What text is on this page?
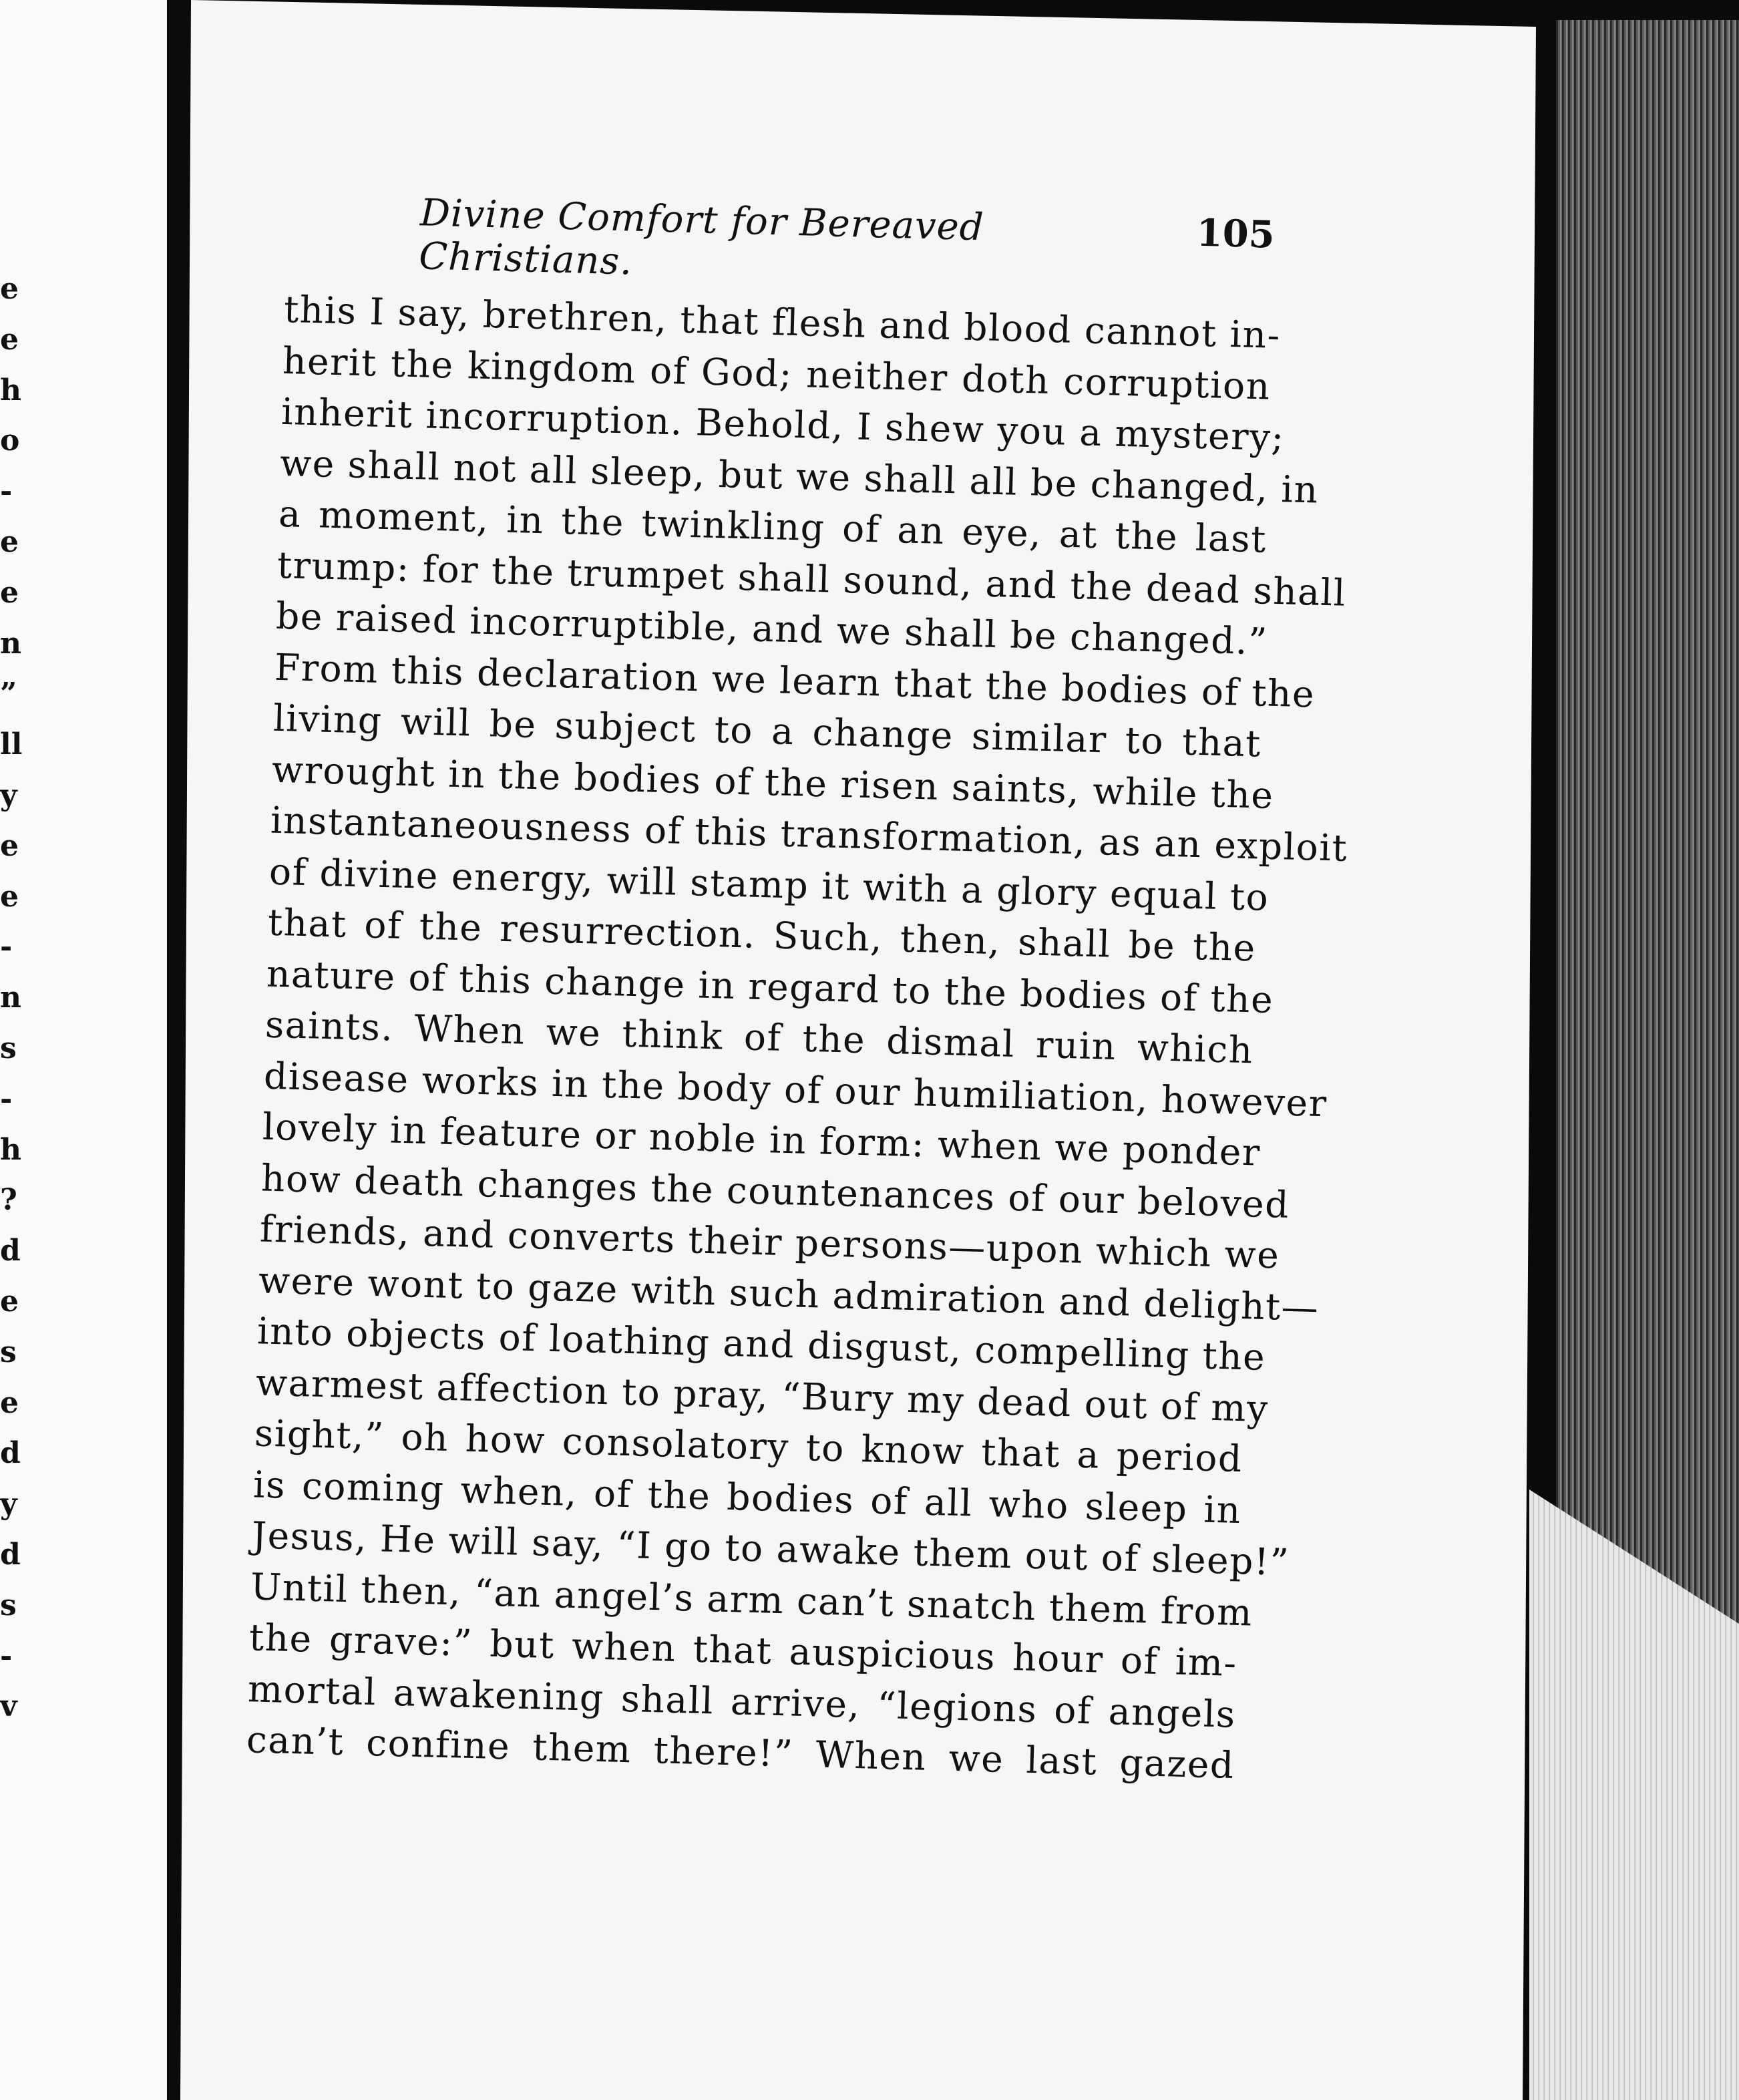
e
e
h
o
-
e
e
n
”
ll
y
e
e
-
n
s
-
h
?
d
e
s
e
d
y
d
s
-
v
Divine Comfort for Bereaved Christians.
105
this I say, brethren, that flesh and blood cannot in-
herit the kingdom of God; neither doth corruption
inherit incorruption. Behold, I shew you a mystery;
we shall not all sleep, but we shall all be changed, in
a moment, in the twinkling of an eye, at the last
trump: for the trumpet shall sound, and the dead shall
be raised incorruptible, and we shall be changed.”
From this declaration we learn that the bodies of the
living will be subject to a change similar to that
wrought in the bodies of the risen saints, while the
instantaneousness of this transformation, as an exploit
of divine energy, will stamp it with a glory equal to
that of the resurrection. Such, then, shall be the
nature of this change in regard to the bodies of the
saints. When we think of the dismal ruin which
disease works in the body of our humiliation, however
lovely in feature or noble in form: when we ponder
how death changes the countenances of our beloved
friends, and converts their persons—upon which we
were wont to gaze with such admiration and delight—
into objects of loathing and disgust, compelling the
warmest affection to pray, “Bury my dead out of my
sight,” oh how consolatory to know that a period
is coming when, of the bodies of all who sleep in
Jesus, He will say, “I go to awake them out of sleep!”
Until then, “an angel’s arm can’t snatch them from
the grave:” but when that auspicious hour of im-
mortal awakening shall arrive, “legions of angels
can’t confine them there!” When we last gazed
